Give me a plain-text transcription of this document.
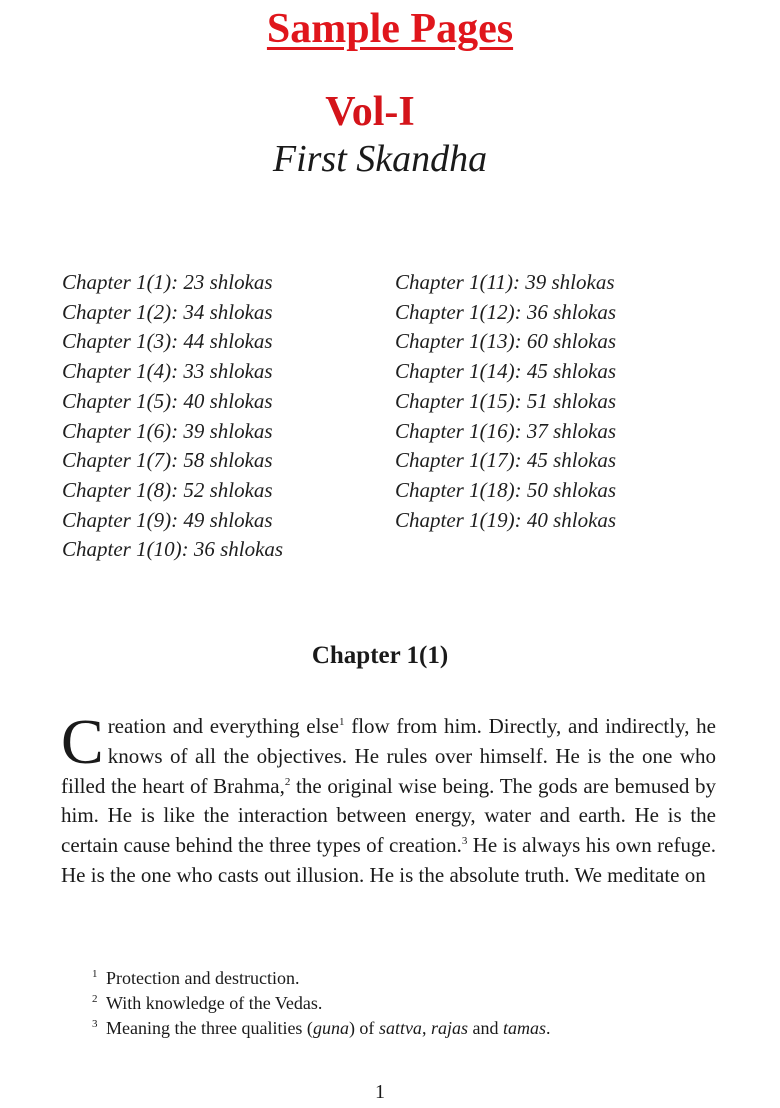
Sample Pages
Vol-I
First Skandha
Chapter 1(1): 23 shlokas
Chapter 1(2): 34 shlokas
Chapter 1(3): 44 shlokas
Chapter 1(4): 33 shlokas
Chapter 1(5): 40 shlokas
Chapter 1(6): 39 shlokas
Chapter 1(7): 58 shlokas
Chapter 1(8): 52 shlokas
Chapter 1(9): 49 shlokas
Chapter 1(10): 36 shlokas
Chapter 1(11): 39 shlokas
Chapter 1(12): 36 shlokas
Chapter 1(13): 60 shlokas
Chapter 1(14): 45 shlokas
Chapter 1(15): 51 shlokas
Chapter 1(16): 37 shlokas
Chapter 1(17): 45 shlokas
Chapter 1(18): 50 shlokas
Chapter 1(19): 40 shlokas
Chapter 1(1)

Creation and everything else$^1$ flow from him. Directly, and indirectly, he knows of all the objectives. He rules over himself. He is the one who filled the heart of Brahma,$^2$ the original wise being. The gods are bemused by him. He is like the interaction between energy, water and earth. He is the certain cause behind the three types of creation.$^3$ He is always his own refuge. He is the one who casts out illusion. He is the absolute truth. We meditate on

1 Protection and destruction.
2 With knowledge of the Vedas.
3 Meaning the three qualities (guna) of sattva, rajas and tamas.
1
